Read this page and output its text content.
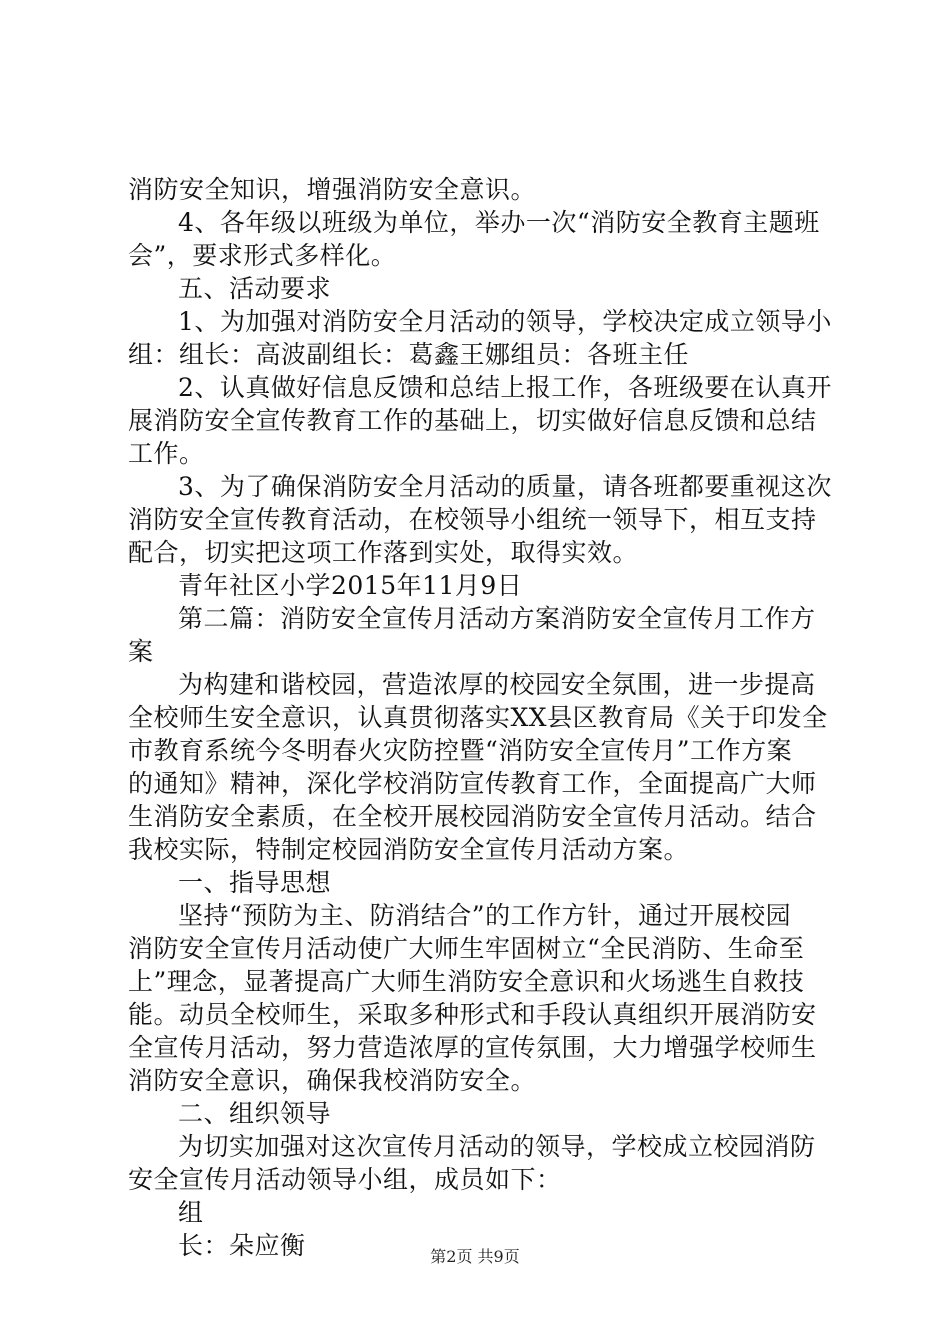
消防安全知识，增强消防安全意识。
4、各年级以班级为单位，举办一次“消防安全教育主题班
会”，要求形式多样化。
五、活动要求
1、为加强对消防安全月活动的领导，学校决定成立领导小
组：组长：高波副组长：葛鑫王娜组员：各班主任
2、认真做好信息反馈和总结上报工作，各班级要在认真开
展消防安全宣传教育工作的基础上，切实做好信息反馈和总结
工作。
3、为了确保消防安全月活动的质量，请各班都要重视这次
消防安全宣传教育活动，在校领导小组统一领导下，相互支持
配合，切实把这项工作落到实处，取得实效。
青年社区小学2015年11月9日
第二篇：消防安全宣传月活动方案消防安全宣传月工作方
案
为构建和谐校园，营造浓厚的校园安全氛围，进一步提高
全校师生安全意识，认真贯彻落实XX县区教育局《关于印发全
市教育系统今冬明春火灾防控暨“消防安全宣传月”工作方案
的通知》精神，深化学校消防宣传教育工作，全面提高广大师
生消防安全素质，在全校开展校园消防安全宣传月活动。结合
我校实际，特制定校园消防安全宣传月活动方案。
一、指导思想
坚持“预防为主、防消结合”的工作方针，通过开展校园
消防安全宣传月活动使广大师生牢固树立“全民消防、生命至
上”理念，显著提高广大师生消防安全意识和火场逃生自救技
能。动员全校师生，采取多种形式和手段认真组织开展消防安
全宣传月活动，努力营造浓厚的宣传氛围，大力增强学校师生
消防安全意识，确保我校消防安全。
二、组织领导
为切实加强对这次宣传月活动的领导，学校成立校园消防
安全宣传月活动领导小组，成员如下：
组
长：朵应衡	第2页 共9页
